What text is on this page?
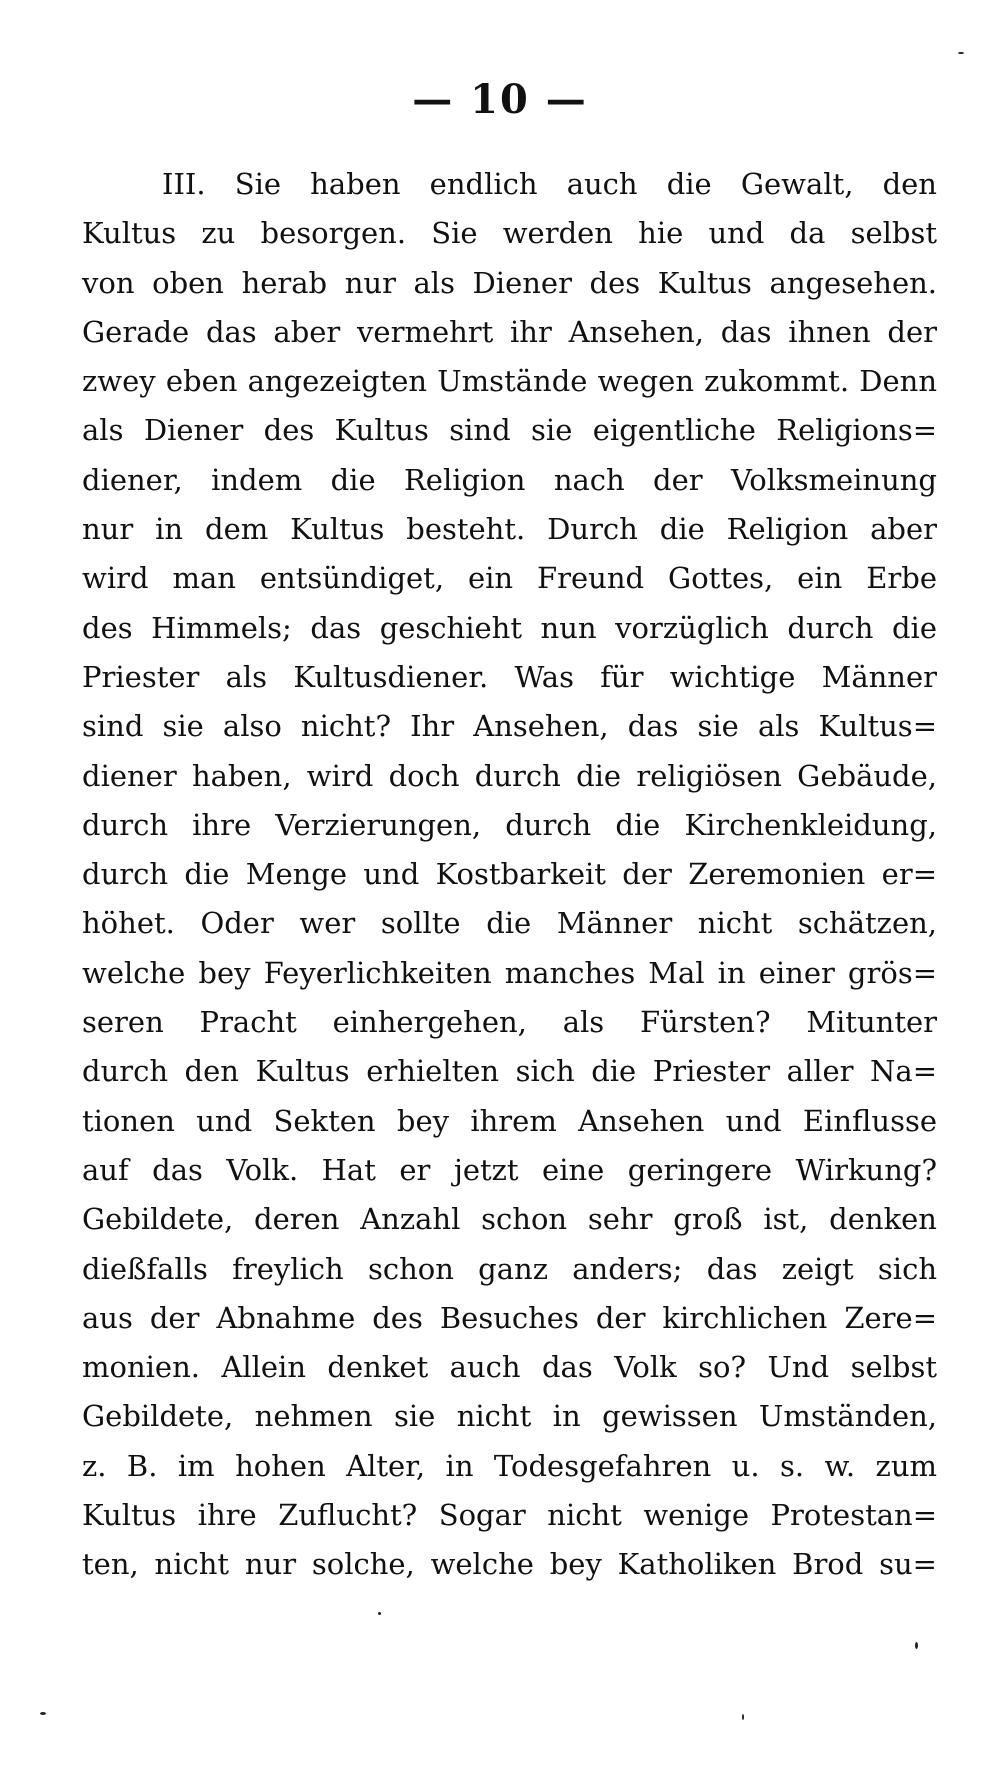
— 10 —
III. Sie haben endlich auch die Gewalt, den
Kultus zu besorgen. Sie werden hie und da selbst
von oben herab nur als Diener des Kultus angesehen.
Gerade das aber vermehrt ihr Ansehen, das ihnen der
zwey eben angezeigten Umstände wegen zukommt. Denn
als Diener des Kultus sind sie eigentliche Religions=
diener, indem die Religion nach der Volksmeinung
nur in dem Kultus besteht. Durch die Religion aber
wird man entsündiget, ein Freund Gottes, ein Erbe
des Himmels; das geschieht nun vorzüglich durch die
Priester als Kultusdiener. Was für wichtige Männer
sind sie also nicht? Ihr Ansehen, das sie als Kultus=
diener haben, wird doch durch die religiösen Gebäude,
durch ihre Verzierungen, durch die Kirchenkleidung,
durch die Menge und Kostbarkeit der Zeremonien er=
höhet. Oder wer sollte die Männer nicht schätzen,
welche bey Feyerlichkeiten manches Mal in einer grös=
seren Pracht einhergehen, als Fürsten? Mitunter
durch den Kultus erhielten sich die Priester aller Na=
tionen und Sekten bey ihrem Ansehen und Einflusse
auf das Volk. Hat er jetzt eine geringere Wirkung?
Gebildete, deren Anzahl schon sehr groß ist, denken
dießfalls freylich schon ganz anders; das zeigt sich
aus der Abnahme des Besuches der kirchlichen Zere=
monien. Allein denket auch das Volk so? Und selbst
Gebildete, nehmen sie nicht in gewissen Umständen,
z. B. im hohen Alter, in Todesgefahren u. s. w. zum
Kultus ihre Zuflucht? Sogar nicht wenige Protestan=
ten, nicht nur solche, welche bey Katholiken Brod su=
